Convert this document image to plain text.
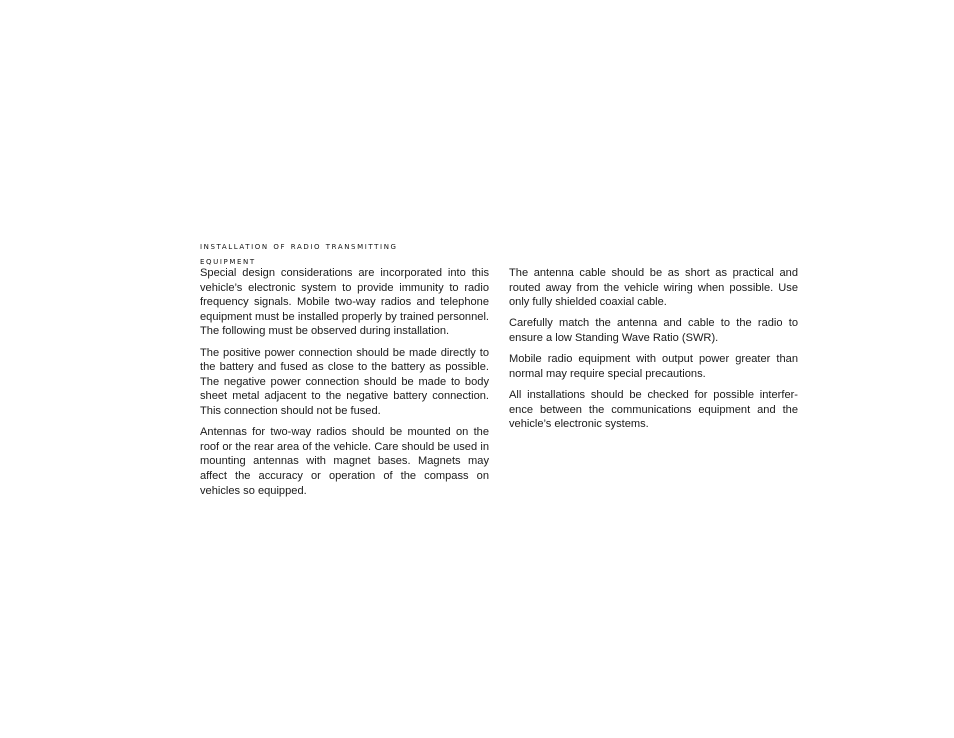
installation of radio transmitting
equipment

Special design considerations are incorporated into this vehicle’s electronic system to provide immunity to radio frequency signals. Mobile two-way radios and telephone equipment must be installed properly by trained personnel. The following must be observed during installation.

The positive power connection should be made directly to the battery and fused as close to the battery as possible. The negative power connection should be made to body sheet metal adjacent to the negative battery connection. This connection should not be fused.

Antennas for two-way radios should be mounted on the roof or the rear area of the vehicle. Care should be used in mounting antennas with magnet bases. Magnets may affect the accuracy or operation of the compass on vehicles so equipped.

The antenna cable should be as short as practical and routed away from the vehicle wiring when possible. Use only fully shielded coaxial cable.

Carefully match the antenna and cable to the radio to ensure a low Standing Wave Ratio (SWR).

Mobile radio equipment with output power greater than normal may require special precautions.

All installations should be checked for possible interfer-ence between the communications equipment and the vehicle’s electronic systems.
